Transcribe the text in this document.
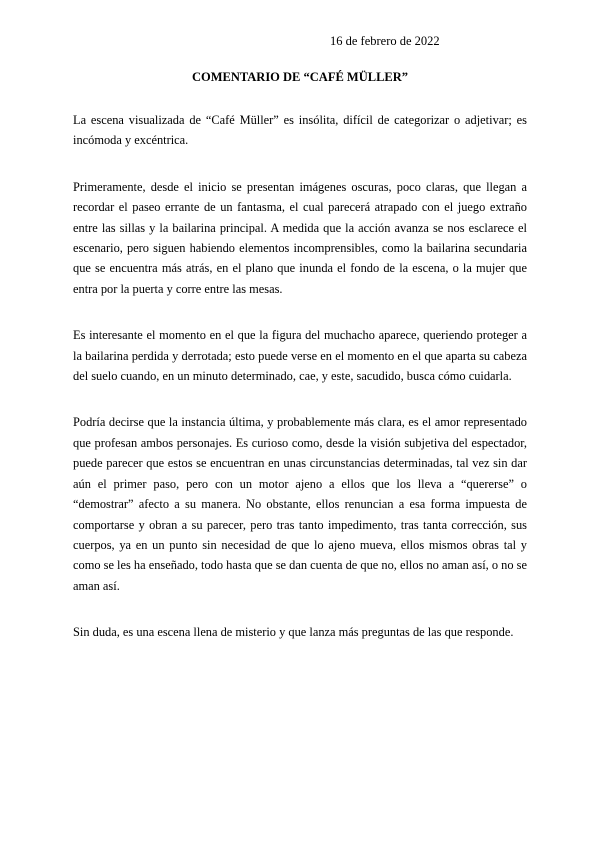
16 de febrero de 2022
COMENTARIO DE “CAFÉ MÜLLER”

La escena visualizada de “Café Müller” es insólita, difícil de categorizar o adjetivar; es incómoda y excéntrica.

Primeramente, desde el inicio se presentan imágenes oscuras, poco claras, que llegan a recordar el paseo errante de un fantasma, el cual parecerá atrapado con el juego extraño entre las sillas y la bailarina principal. A medida que la acción avanza se nos esclarece el escenario, pero siguen habiendo elementos incomprensibles, como la bailarina secundaria que se encuentra más atrás, en el plano que inunda el fondo de la escena, o la mujer que entra por la puerta y corre entre las mesas.

Es interesante el momento en el que la figura del muchacho aparece, queriendo proteger a la bailarina perdida y derrotada; esto puede verse en el momento en el que aparta su cabeza del suelo cuando, en un minuto determinado, cae, y este, sacudido, busca cómo cuidarla.

Podría decirse que la instancia última, y probablemente más clara, es el amor representado que profesan ambos personajes. Es curioso como, desde la visión subjetiva del espectador, puede parecer que estos se encuentran en unas circunstancias determinadas, tal vez sin dar aún el primer paso, pero con un motor ajeno a ellos que los lleva a “quererse” o “demostrar” afecto a su manera. No obstante, ellos renuncian a esa forma impuesta de comportarse y obran a su parecer, pero tras tanto impedimento, tras tanta corrección, sus cuerpos, ya en un punto sin necesidad de que lo ajeno mueva, ellos mismos obras tal y como se les ha enseñado, todo hasta que se dan cuenta de que no, ellos no aman así, o no se aman así.

Sin duda, es una escena llena de misterio y que lanza más preguntas de las que responde.
